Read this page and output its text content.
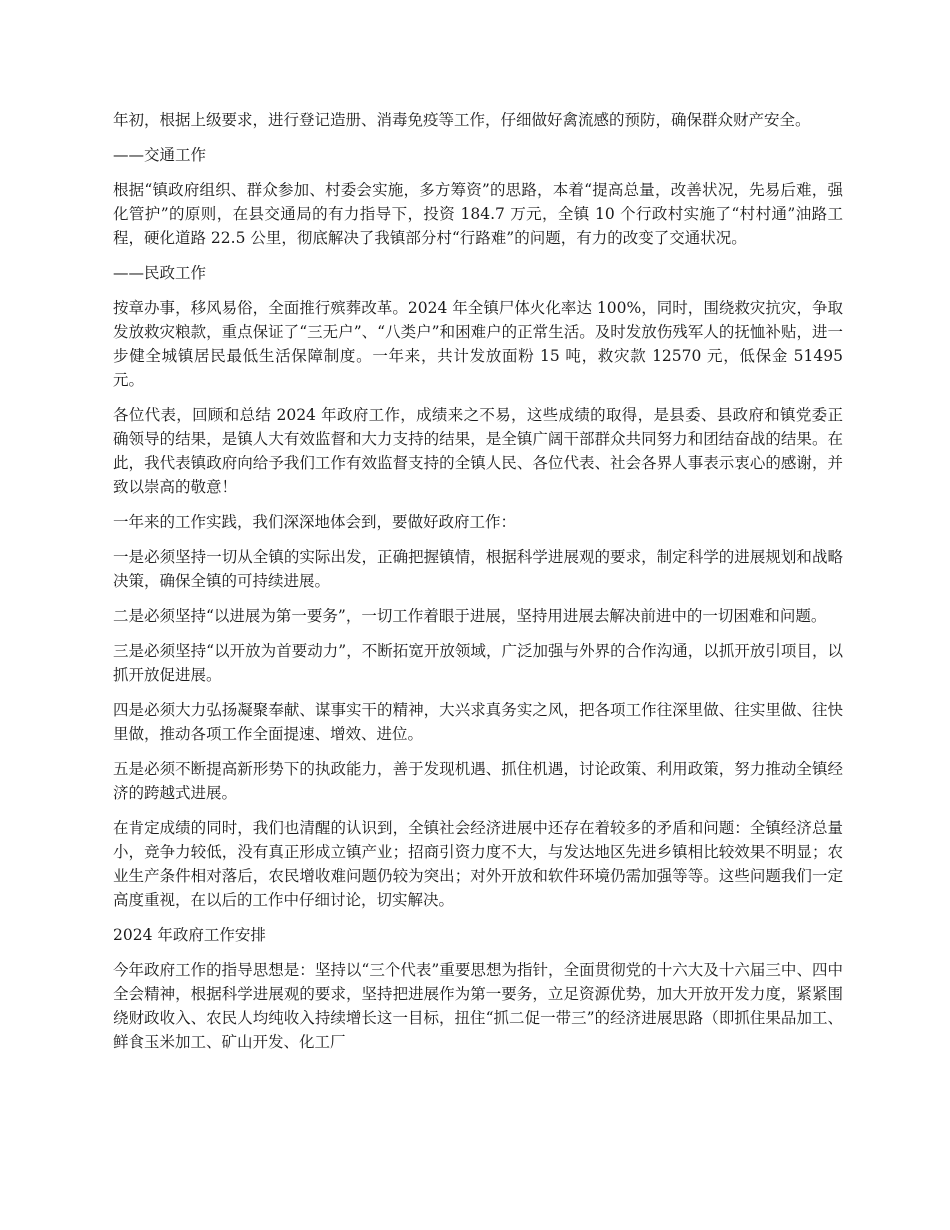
年初，根据上级要求，进行登记造册、消毒免疫等工作，仔细做好禽流感的预防，确保群众财产安全。

——交通工作

根据“镇政府组织、群众参加、村委会实施，多方筹资”的思路，本着“提高总量，改善状况，先易后难，强化管护”的原则，在县交通局的有力指导下，投资 184.7 万元，全镇 10 个行政村实施了“村村通”油路工程，硬化道路 22.5 公里，彻底解决了我镇部分村“行路难”的问题，有力的改变了交通状况。

——民政工作

按章办事，移风易俗，全面推行殡葬改革。2024 年全镇尸体火化率达 100%，同时，围绕救灾抗灾，争取发放救灾粮款，重点保证了“三无户”、“八类户”和困难户的正常生活。及时发放伤残军人的抚恤补贴，进一步健全城镇居民最低生活保障制度。一年来，共计发放面粉 15 吨，救灾款 12570 元，低保金 51495 元。

各位代表，回顾和总结 2024 年政府工作，成绩来之不易，这些成绩的取得，是县委、县政府和镇党委正确领导的结果，是镇人大有效监督和大力支持的结果，是全镇广阔干部群众共同努力和团结奋战的结果。在此，我代表镇政府向给予我们工作有效监督支持的全镇人民、各位代表、社会各界人事表示衷心的感谢，并致以崇高的敬意！

一年来的工作实践，我们深深地体会到，要做好政府工作：

一是必须坚持一切从全镇的实际出发，正确把握镇情，根据科学进展观的要求，制定科学的进展规划和战略决策，确保全镇的可持续进展。

二是必须坚持“以进展为第一要务”，一切工作着眼于进展，坚持用进展去解决前进中的一切困难和问题。

三是必须坚持“以开放为首要动力”，不断拓宽开放领域，广泛加强与外界的合作沟通，以抓开放引项目，以抓开放促进展。

四是必须大力弘扬凝聚奉献、谋事实干的精神，大兴求真务实之风，把各项工作往深里做、往实里做、往快里做，推动各项工作全面提速、增效、进位。

五是必须不断提高新形势下的执政能力，善于发现机遇、抓住机遇，讨论政策、利用政策，努力推动全镇经济的跨越式进展。

在肯定成绩的同时，我们也清醒的认识到，全镇社会经济进展中还存在着较多的矛盾和问题：全镇经济总量小，竞争力较低，没有真正形成立镇产业；招商引资力度不大，与发达地区先进乡镇相比较效果不明显；农业生产条件相对落后，农民增收难问题仍较为突出；对外开放和软件环境仍需加强等等。这些问题我们一定高度重视，在以后的工作中仔细讨论，切实解决。

2024 年政府工作安排

今年政府工作的指导思想是：坚持以“三个代表”重要思想为指针，全面贯彻党的十六大及十六届三中、四中全会精神，根据科学进展观的要求，坚持把进展作为第一要务，立足资源优势，加大开放开发力度，紧紧围绕财政收入、农民人均纯收入持续增长这一目标，扭住“抓二促一带三”的经济进展思路（即抓住果品加工、鲜食玉米加工、矿山开发、化工厂
